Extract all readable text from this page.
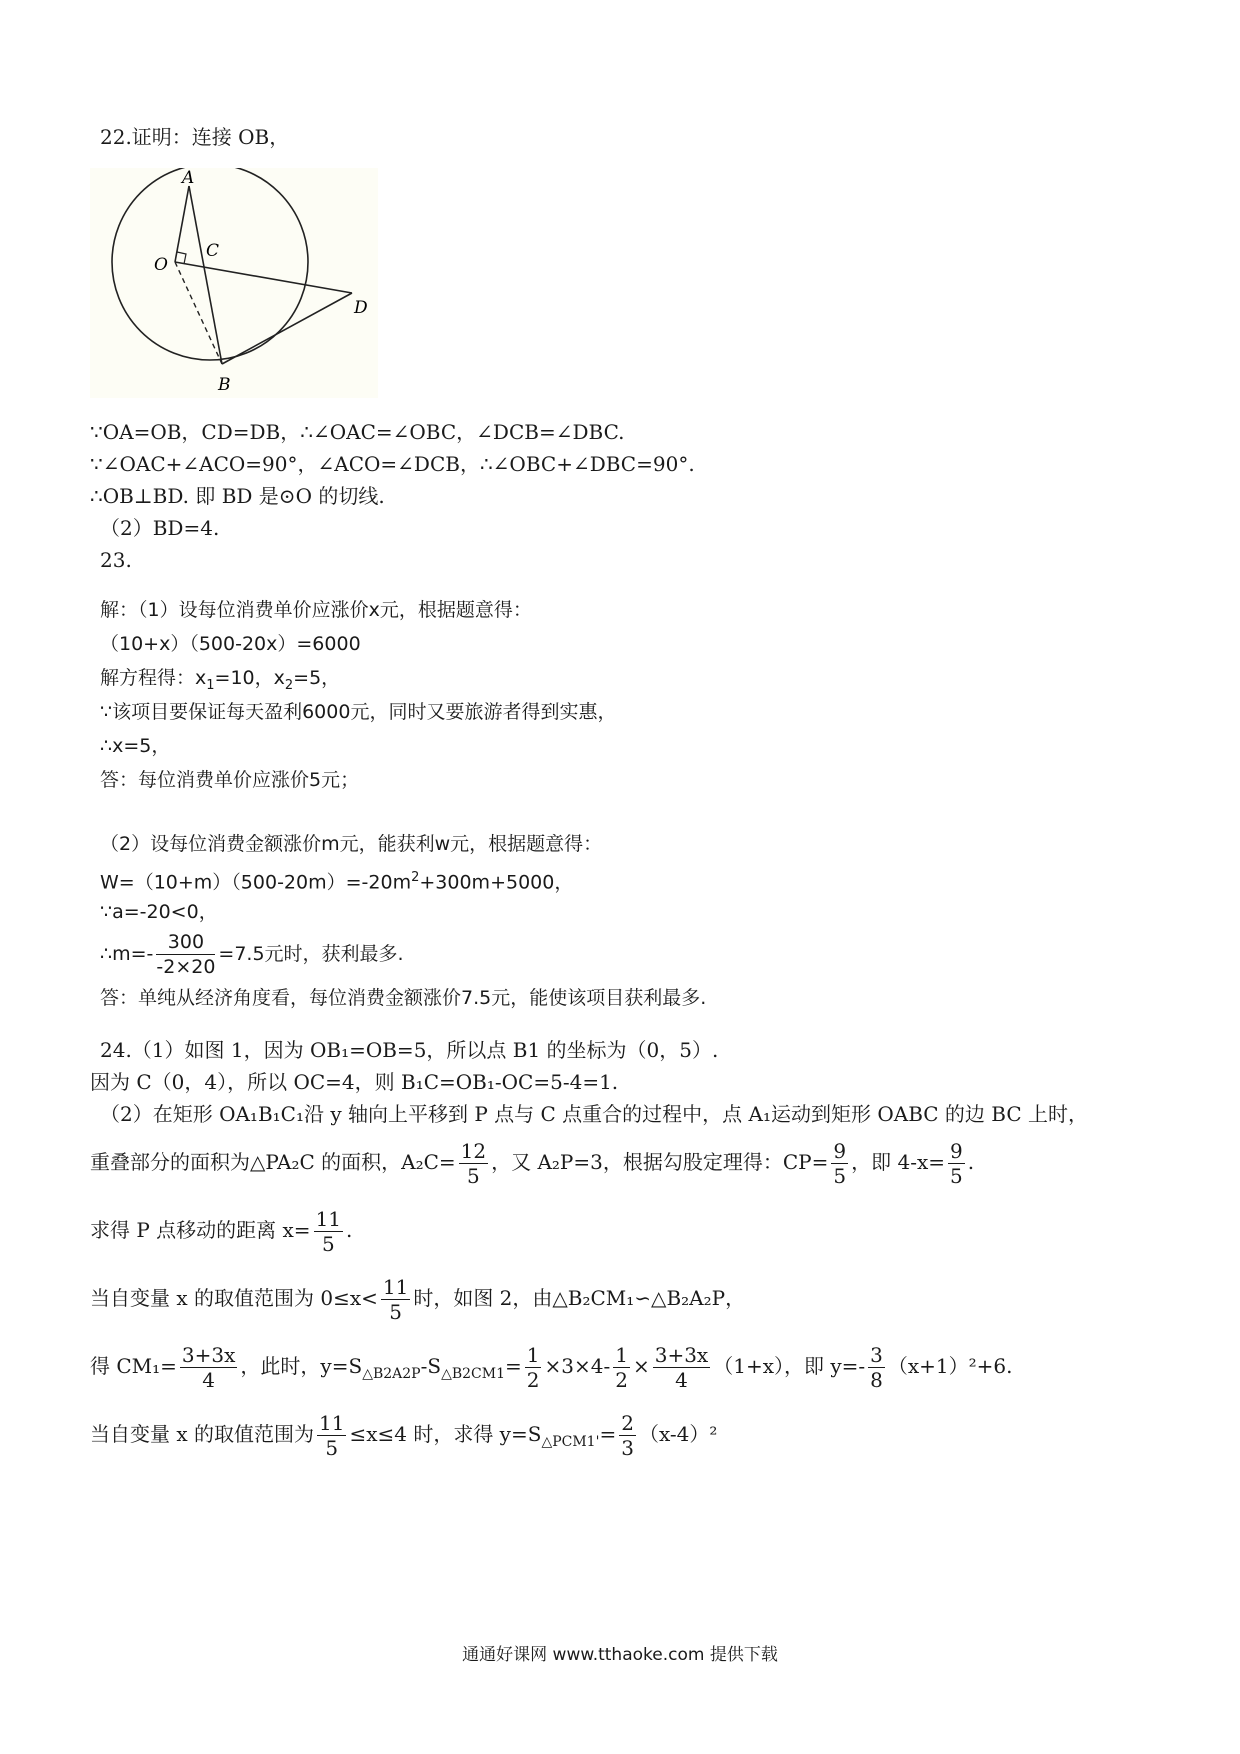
22.证明：连接 OB，
A
O
C
D
B
∵OA=OB，CD=DB，∴∠OAC=∠OBC，∠DCB=∠DBC.
∵∠OAC+∠ACO=90°，∠ACO=∠DCB，∴∠OBC+∠DBC=90°.
∴OB⊥BD. 即 BD 是⊙O 的切线.
（2）BD=4.
23.
解：（1）设每位消费单价应涨价x元，根据题意得：
（10+x）（500-20x）=6000
解方程得：$x_1=10$，$x_2=5$，
∵该项目要保证每天盈利6000元，同时又要旅游者得到实惠，
∴x=5，
答：每位消费单价应涨价5元；
（2）设每位消费金额涨价m元，能获利w元，根据题意得：
$W=(10+m)(500-20m)=-20m^2+300m+5000$，
∵a=-20<0，
∴m=- $\frac{300}{-2\times 20} =7.5$元时，获利最多.
答：单纯从经济角度看，每位消费金额涨价7.5元，能使该项目获利最多.
24.（1）如图 1，因为 OB₁=OB=5，所以点 B1 的坐标为（0，5）.
因为 C（0，4），所以 OC=4，则 B₁C=OB₁-OC=5-4=1.
（2）在矩形 OA₁B₁C₁沿 y 轴向上平移到 P 点与 C 点重合的过程中，点 A₁运动到矩形 OABC 的边 BC 上时，
重叠部分的面积为△PA₂C 的面积，$A_2C= \frac{12}{5}$ ，又 A₂P=3，根据勾股定理得：$CP= \frac{9}{5}$ ，即 $4-x= \frac{9}{5}$ .
求得 P 点移动的距离 $x= \frac{11}{5}$ .
当自变量 x 的取值范围为 $0\le x< \frac{11}{5}$ 时，如图 2，由△B₂CM₁∽△B₂A₂P，
得 $CM_1= \frac{3+3x}{4}$ ，此时，$y=S_{\triangle B2A2P}-S_{\triangle B2CM1}= \frac{1}{2} \times 3\times 4- \frac{1}{2} \times \frac{3+3x}{4} (1+x)$，即 $y=- \frac{3}{8} (x+1)^2+6$.
当自变量 x 的取值范围为 $\frac{11}{5} \le x\le 4$ 时，求得 $y=S_{\triangle PCM1'}= \frac{2}{3} (x-4)^2$
通通好课网 www.tthaoke.com 提供下载
